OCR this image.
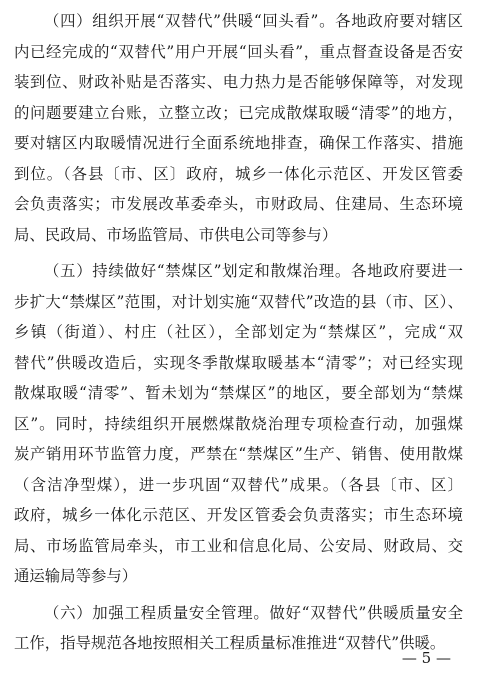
（四）组织开展“双替代”供暖“回头看”。各地政府要对辖区
内已经完成的“双替代”用户开展“回头看”，重点督查设备是否安
装到位、财政补贴是否落实、电力热力是否能够保障等，对发现
的问题要建立台账，立整立改；已完成散煤取暖“清零”的地方，
要对辖区内取暖情况进行全面系统地排查，确保工作落实、措施
到位。（各县〔市、区〕政府，城乡一体化示范区、开发区管委
会负责落实；市发展改革委牵头，市财政局、住建局、生态环境
局、民政局、市场监管局、市供电公司等参与）
（五）持续做好“禁煤区”划定和散煤治理。各地政府要进一
步扩大“禁煤区”范围，对计划实施“双替代”改造的县（市、区）、
乡镇（街道）、村庄（社区），全部划定为“禁煤区”，完成“双
替代”供暖改造后，实现冬季散煤取暖基本“清零”；对已经实现
散煤取暖“清零”、暂未划为“禁煤区”的地区，要全部划为“禁煤
区”。同时，持续组织开展燃煤散烧治理专项检查行动，加强煤
炭产销用环节监管力度，严禁在“禁煤区”生产、销售、使用散煤
（含洁净型煤），进一步巩固“双替代”成果。（各县〔市、区〕
政府，城乡一体化示范区、开发区管委会负责落实；市生态环境
局、市场监管局牵头，市工业和信息化局、公安局、财政局、交
通运输局等参与）
（六）加强工程质量安全管理。做好“双替代”供暖质量安全
工作，指导规范各地按照相关工程质量标准推进“双替代”供暖。
— 5 —
